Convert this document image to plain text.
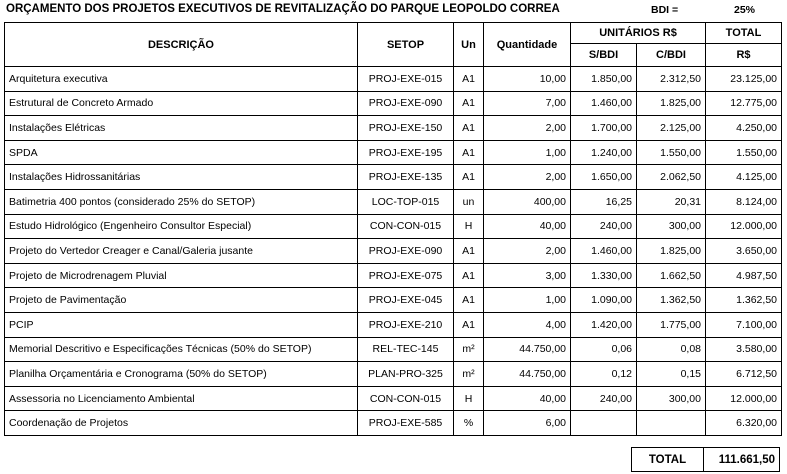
ORÇAMENTO DOS PROJETOS EXECUTIVOS DE REVITALIZAÇÃO DO PARQUE LEOPOLDO CORREA	BDI =	25%
DESCRIÇÃO	SETOP	Un	Quantidade	UNITÁRIOS R$		TOTAL
				S/BDI	C/BDI	R$
Arquitetura executiva	PROJ-EXE-015	A1	10,00	1.850,00	2.312,50	23.125,00
Estrutural de Concreto Armado	PROJ-EXE-090	A1	7,00	1.460,00	1.825,00	12.775,00
Instalações Elétricas	PROJ-EXE-150	A1	2,00	1.700,00	2.125,00	4.250,00
SPDA	PROJ-EXE-195	A1	1,00	1.240,00	1.550,00	1.550,00
Instalações Hidrossanitárias	PROJ-EXE-135	A1	2,00	1.650,00	2.062,50	4.125,00
Batimetria 400 pontos (considerado 25% do SETOP)	LOC-TOP-015	un	400,00	16,25	20,31	8.124,00
Estudo Hidrológico (Engenheiro Consultor Especial)	CON-CON-015	H	40,00	240,00	300,00	12.000,00
Projeto do Vertedor Creager e Canal/Galeria jusante	PROJ-EXE-090	A1	2,00	1.460,00	1.825,00	3.650,00
Projeto de Microdrenagem Pluvial	PROJ-EXE-075	A1	3,00	1.330,00	1.662,50	4.987,50
Projeto de Pavimentação	PROJ-EXE-045	A1	1,00	1.090,00	1.362,50	1.362,50
PCIP	PROJ-EXE-210	A1	4,00	1.420,00	1.775,00	7.100,00
Memorial Descritivo e Especificações Técnicas (50% do SETOP)	REL-TEC-145	m²	44.750,00	0,06	0,08	3.580,00
Planilha Orçamentária e Cronograma (50% do SETOP)	PLAN-PRO-325	m²	44.750,00	0,12	0,15	6.712,50
Assessoria no Licenciamento Ambiental	CON-CON-015	H	40,00	240,00	300,00	12.000,00
Coordenação de Projetos	PROJ-EXE-585	%	6,00			6.320,00
TOTAL	111.661,50
